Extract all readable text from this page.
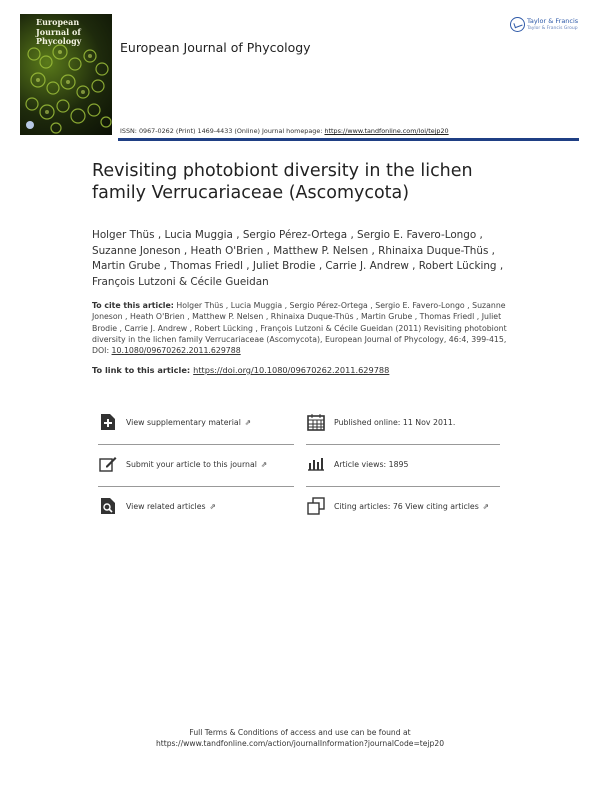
European
Journal of Phycology	European Journal of Phycology
ISSN: 0967-0262 (Print) 1469-4433 (Online) Journal homepage: https://www.tandfonline.com/loi/tejp20
Taylor & Francis
Taylor & Francis Group
Revisiting photobiont diversity in the lichen family Verrucariaceae (Ascomycota)
Holger Thüs , Lucia Muggia , Sergio Pérez-Ortega , Sergio E. Favero-Longo , Suzanne Joneson , Heath O'Brien , Matthew P. Nelsen , Rhinaixa Duque-Thüs , Martin Grube , Thomas Friedl , Juliet Brodie , Carrie J. Andrew , Robert Lücking , François Lutzoni & Cécile Gueidan
To cite this article: Holger Thüs , Lucia Muggia , Sergio Pérez-Ortega , Sergio E. Favero-Longo , Suzanne Joneson , Heath O'Brien , Matthew P. Nelsen , Rhinaixa Duque-Thüs , Martin Grube , Thomas Friedl , Juliet Brodie , Carrie J. Andrew , Robert Lücking , François Lutzoni & Cécile Gueidan (2011) Revisiting photobiont diversity in the lichen family Verrucariaceae (Ascomycota), European Journal of Phycology, 46:4, 399-415, DOI: 10.1080/09670262.2011.629788
To link to this article: https://doi.org/10.1080/09670262.2011.629788
View supplementary material ⇗	Published online: 11 Nov 2011.
Submit your article to this journal ⇗	Article views: 1895
View related articles ⇗	Citing articles: 76 View citing articles ⇗
Full Terms & Conditions of access and use can be found at
https://www.tandfonline.com/action/journalInformation?journalCode=tejp20
